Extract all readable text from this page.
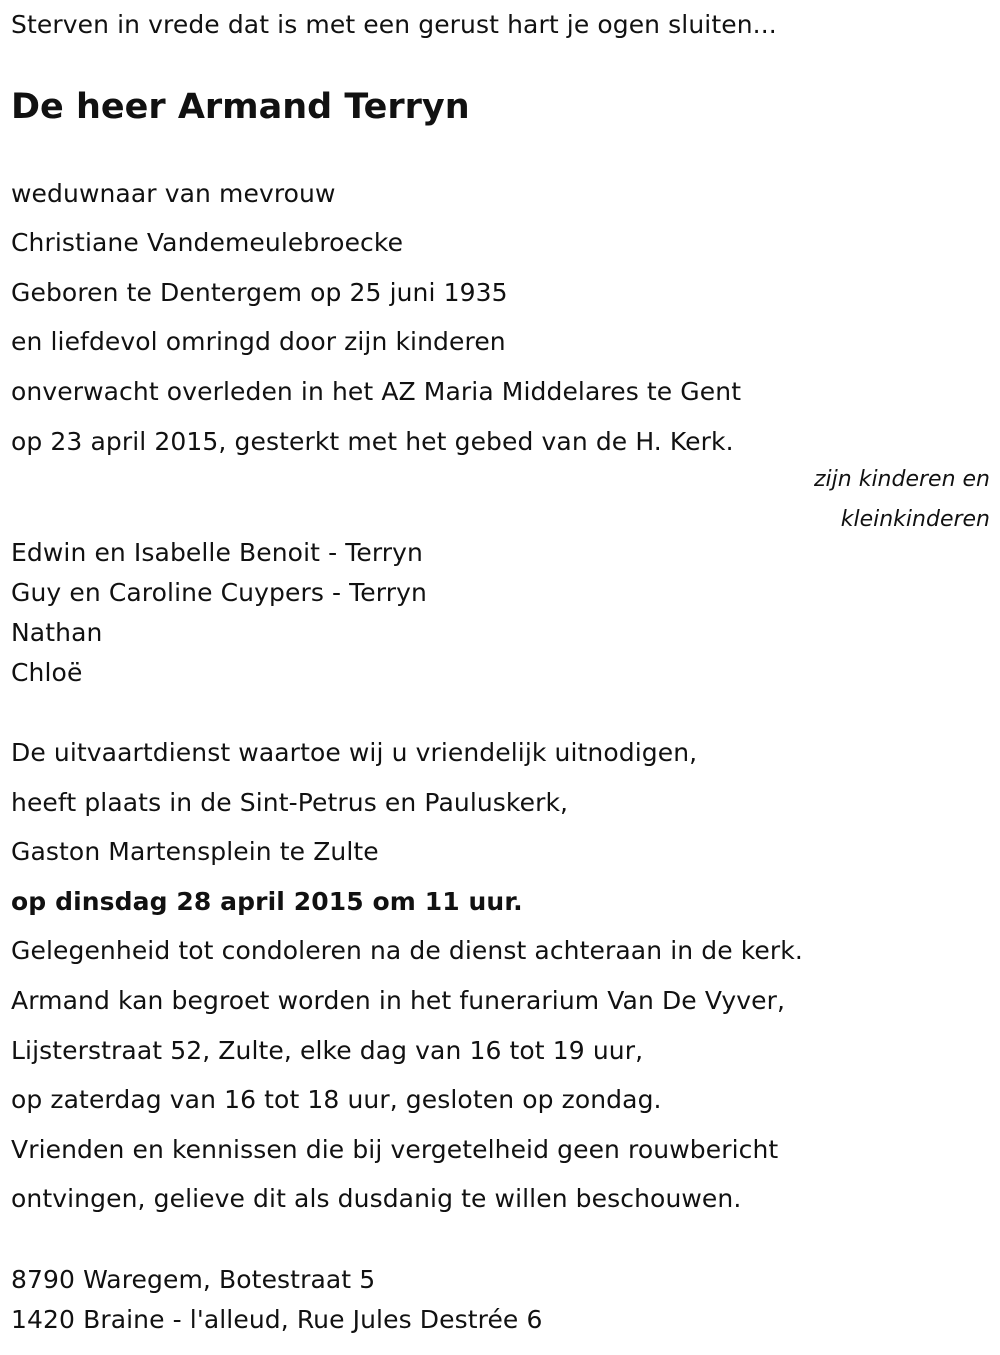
Sterven in vrede dat is met een gerust hart je ogen sluiten...

De heer Armand Terryn

weduwnaar van mevrouw

Christiane Vandemeulebroecke

Geboren te Dentergem op 25 juni 1935

en liefdevol omringd door zijn kinderen

onverwacht overleden in het AZ Maria Middelares te Gent

op 23 april 2015, gesterkt met het gebed van de H. Kerk.

zijn kinderen en
kleinkinderen

Edwin en Isabelle Benoit - Terryn

Guy en Caroline Cuypers - Terryn

Nathan

Chloë

De uitvaartdienst waartoe wij u vriendelijk uitnodigen,

heeft plaats in de Sint-Petrus en Pauluskerk,

Gaston Martensplein te Zulte

op dinsdag 28 april 2015 om 11 uur.

Gelegenheid tot condoleren na de dienst achteraan in de kerk.

Armand kan begroet worden in het funerarium Van De Vyver,

Lijsterstraat 52, Zulte, elke dag van 16 tot 19 uur,

op zaterdag van 16 tot 18 uur, gesloten op zondag.

Vrienden en kennissen die bij vergetelheid geen rouwbericht

ontvingen, gelieve dit als dusdanig te willen beschouwen.

8790 Waregem, Botestraat 5

1420 Braine - l'alleud, Rue Jules Destrée 6
